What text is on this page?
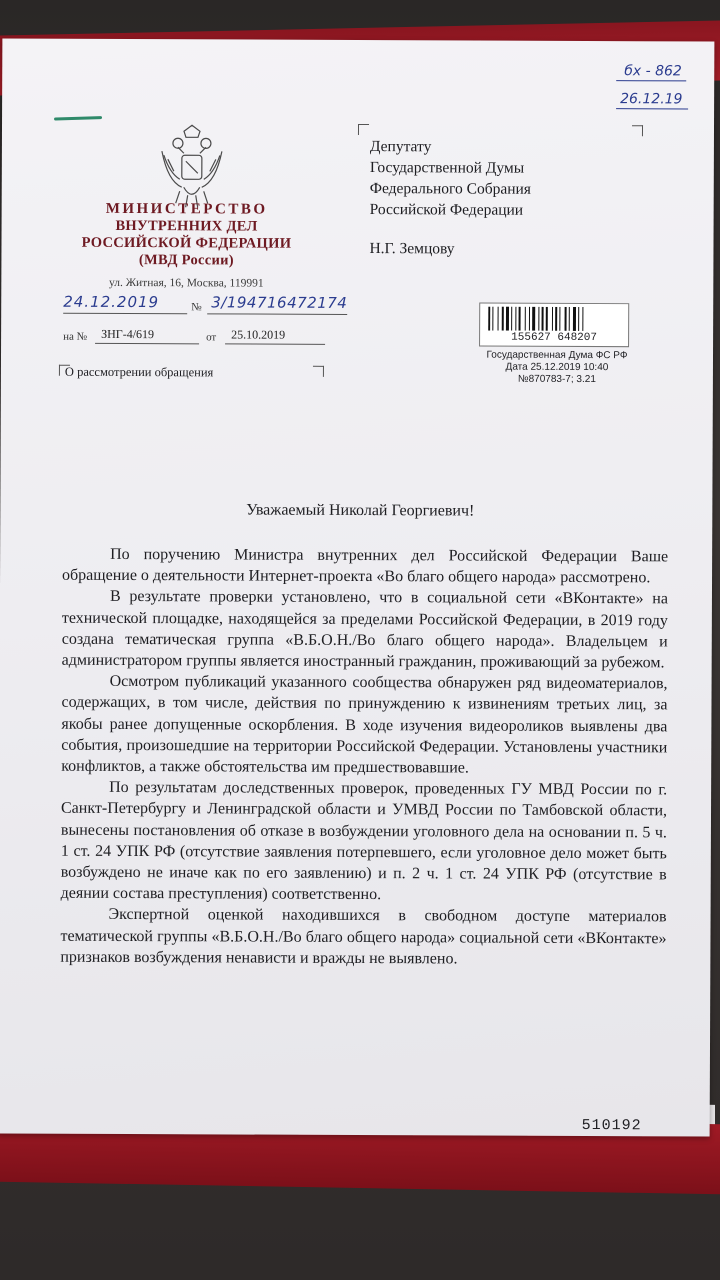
бх - 862
26.12.19
МИНИСТЕРСТВО
ВНУТРЕННИХ ДЕЛ
РОССИЙСКОЙ ФЕДЕРАЦИИ
(МВД России)
ул. Житная, 16, Москва, 119991
24.12.2019	№ 3/194716472174
на № ЗНГ-4/619	от 25.10.2019
О рассмотрении обращения
Депутату
Государственной Думы
Федерального Собрания
Российской Федерации
Н.Г. Земцову
155627 648207
Государственная Дума ФС РФ
Дата 25.12.2019 10:40
№870783-7; 3.21
Уважаемый Николай Георгиевич!

По поручению Министра внутренних дел Российской Федерации Ваше обращение о деятельности Интернет-проекта «Во благо общего народа» рассмотрено.

В результате проверки установлено, что в социальной сети «ВКонтакте» на технической площадке, находящейся за пределами Российской Федерации, в 2019 году создана тематическая группа «В.Б.О.Н./Во благо общего народа». Владельцем и администратором группы является иностранный гражданин, проживающий за рубежом.

Осмотром публикаций указанного сообщества обнаружен ряд видеоматериалов, содержащих, в том числе, действия по принуждению к извинениям третьих лиц, за якобы ранее допущенные оскорбления. В ходе изучения видеороликов выявлены два события, произошедшие на территории Российской Федерации. Установлены участники конфликтов, а также обстоятельства им предшествовавшие.

По результатам доследственных проверок, проведенных ГУ МВД России по г. Санкт-Петербургу и Ленинградской области и УМВД России по Тамбовской области, вынесены постановления об отказе в возбуждении уголовного дела на основании п. 5 ч. 1 ст. 24 УПК РФ (отсутствие заявления потерпевшего, если уголовное дело может быть возбуждено не иначе как по его заявлению) и п. 2 ч. 1 ст. 24 УПК РФ (отсутствие в деянии состава преступления) соответственно.

Экспертной оценкой находившихся в свободном доступе материалов тематической группы «В.Б.О.Н./Во благо общего народа» социальной сети «ВКонтакте» признаков возбуждения ненависти и вражды не выявлено.

510192
